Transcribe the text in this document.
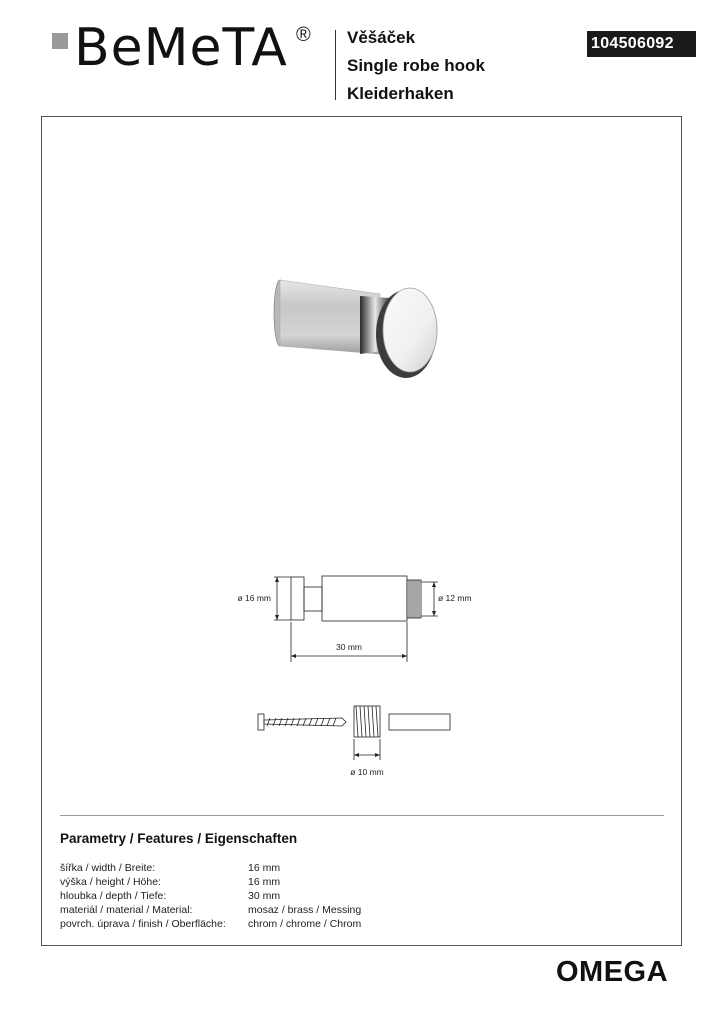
BeMeTA ® Věšáček
Single robe hook
Kleiderhaken
104506092
ø 16 mm	ø 12 mm
30 mm
ø 10 mm
Parametry / Features / Eigenschaften
šířka / width / Breite:	16 mm
výška / height / Höhe:	16 mm
hloubka / depth / Tiefe:	30 mm
materiál / material / Material:	mosaz / brass / Messing
povrch. úprava / finish / Oberfläche:	chrom / chrome / Chrom
OMEGA
